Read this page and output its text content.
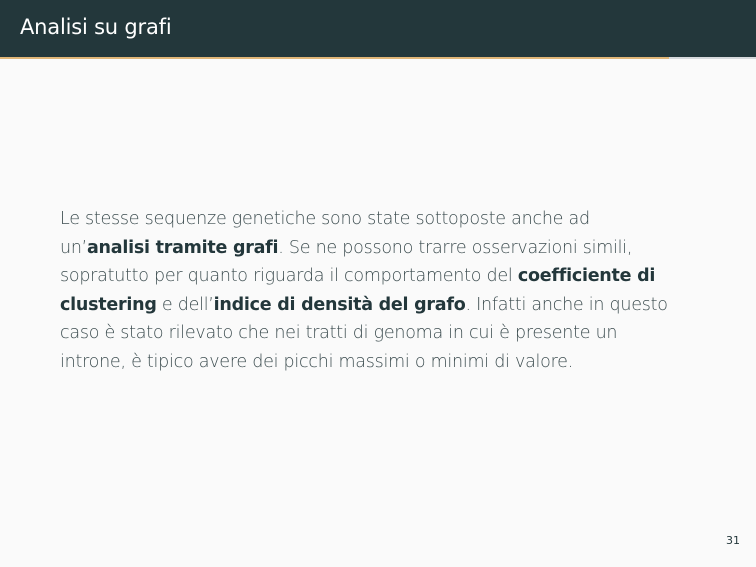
Analisi su grafi
Le stesse sequenze genetiche sono state sottoposte anche ad
un’analisi tramite grafi. Se ne possono trarre osservazioni simili,
sopratutto per quanto riguarda il comportamento del coefficiente di
clustering e dell’indice di densità del grafo. Infatti anche in questo
caso è stato rilevato che nei tratti di genoma in cui è presente un
introne, è tipico avere dei picchi massimi o minimi di valore.
31
